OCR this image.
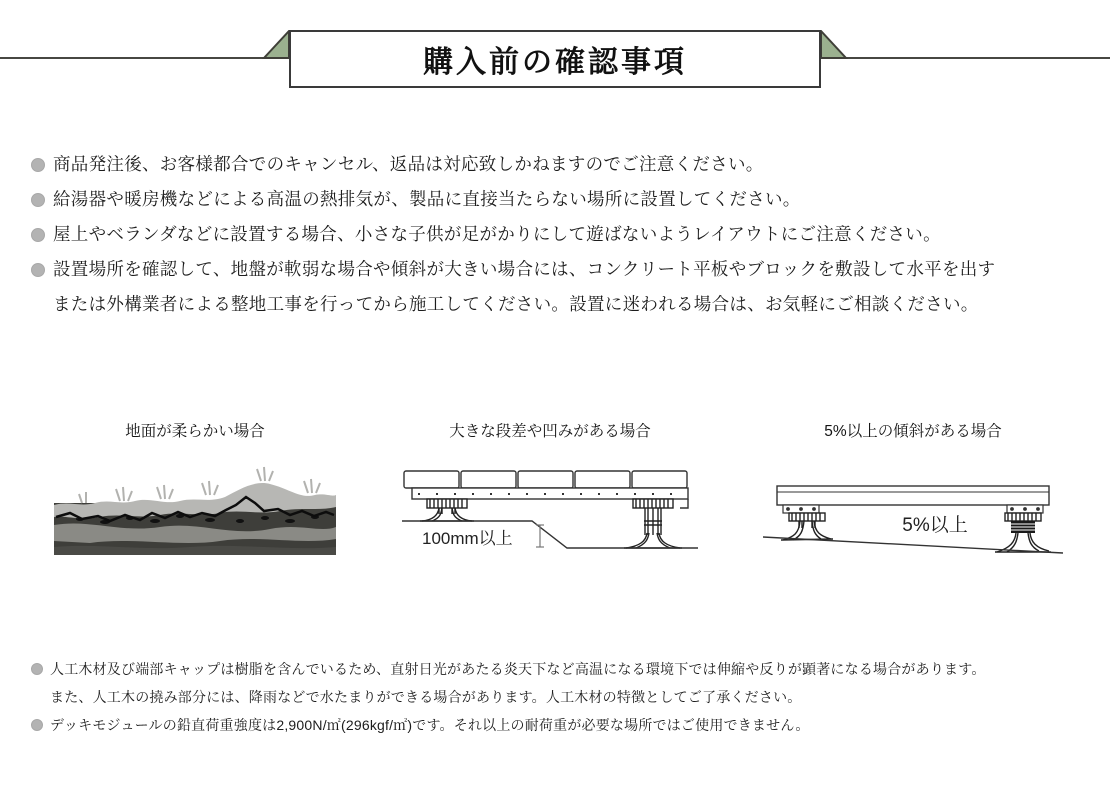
購入前の確認事項
商品発注後、お客様都合でのキャンセル、返品は対応致しかねますのでご注意ください。
給湯器や暖房機などによる高温の熱排気が、製品に直接当たらない場所に設置してください。
屋上やベランダなどに設置する場合、小さな子供が足がかりにして遊ばないようレイアウトにご注意ください。
設置場所を確認して、地盤が軟弱な場合や傾斜が大きい場合には、コンクリート平板やブロックを敷設して水平を出す
または外構業者による整地工事を行ってから施工してください。設置に迷われる場合は、お気軽にご相談ください。
地面が柔らかい場合	大きな段差や凹みがある場合
100mm以上
5%以上の傾斜がある場合
5%以上
人工木材及び端部キャップは樹脂を含んでいるため、直射日光があたる炎天下など高温になる環境下では伸縮や反りが顕著になる場合があります。
また、人工木の撓み部分には、降雨などで水たまりができる場合があります。人工木材の特徴としてご了承ください。
デッキモジュールの鉛直荷重強度は2,900N/㎡(296kgf/㎡)です。それ以上の耐荷重が必要な場所ではご使用できません。
